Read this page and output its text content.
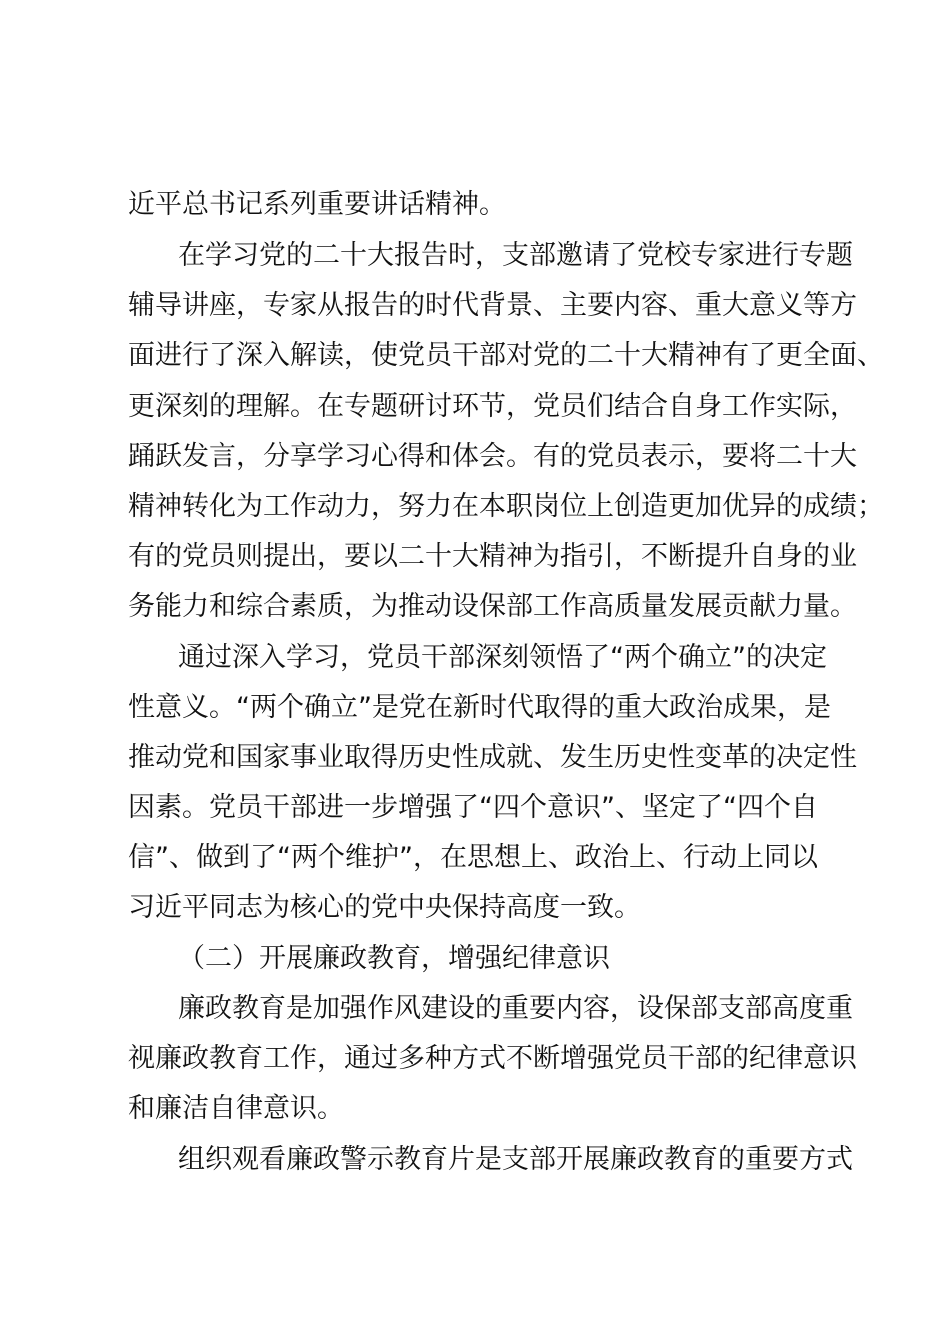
近平总书记系列重要讲话精神。
在学习党的二十大报告时，支部邀请了党校专家进行专题
辅导讲座，专家从报告的时代背景、主要内容、重大意义等方
面进行了深入解读，使党员干部对党的二十大精神有了更全面、
更深刻的理解。在专题研讨环节，党员们结合自身工作实际，
踊跃发言，分享学习心得和体会。有的党员表示，要将二十大
精神转化为工作动力，努力在本职岗位上创造更加优异的成绩；
有的党员则提出，要以二十大精神为指引，不断提升自身的业
务能力和综合素质，为推动设保部工作高质量发展贡献力量。
通过深入学习，党员干部深刻领悟了“两个确立”的决定
性意义。“两个确立”是党在新时代取得的重大政治成果，是
推动党和国家事业取得历史性成就、发生历史性变革的决定性
因素。党员干部进一步增强了“四个意识”、坚定了“四个自
信”、做到了“两个维护”，在思想上、政治上、行动上同以
习近平同志为核心的党中央保持高度一致。
（二）开展廉政教育，增强纪律意识
廉政教育是加强作风建设的重要内容，设保部支部高度重
视廉政教育工作，通过多种方式不断增强党员干部的纪律意识
和廉洁自律意识。
组织观看廉政警示教育片是支部开展廉政教育的重要方式
